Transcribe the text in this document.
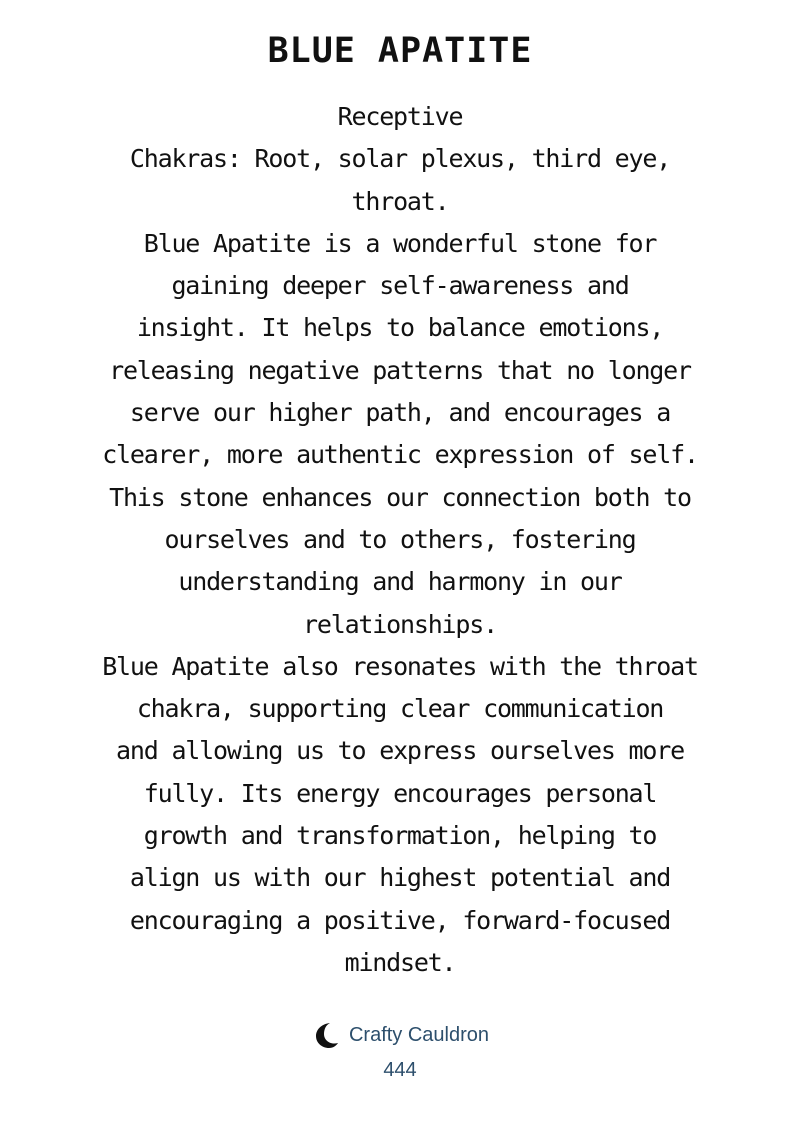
BLUE APATITE
Receptive
Chakras: Root, solar plexus, third eye,
throat.
Blue Apatite is a wonderful stone for
gaining deeper self-awareness and
insight. It helps to balance emotions,
releasing negative patterns that no longer
serve our higher path, and encourages a
clearer, more authentic expression of self.
This stone enhances our connection both to
ourselves and to others, fostering
understanding and harmony in our
relationships.
Blue Apatite also resonates with the throat
chakra, supporting clear communication
and allowing us to express ourselves more
fully. Its energy encourages personal
growth and transformation, helping to
align us with our highest potential and
encouraging a positive, forward-focused
mindset.
Crafty Cauldron
444
